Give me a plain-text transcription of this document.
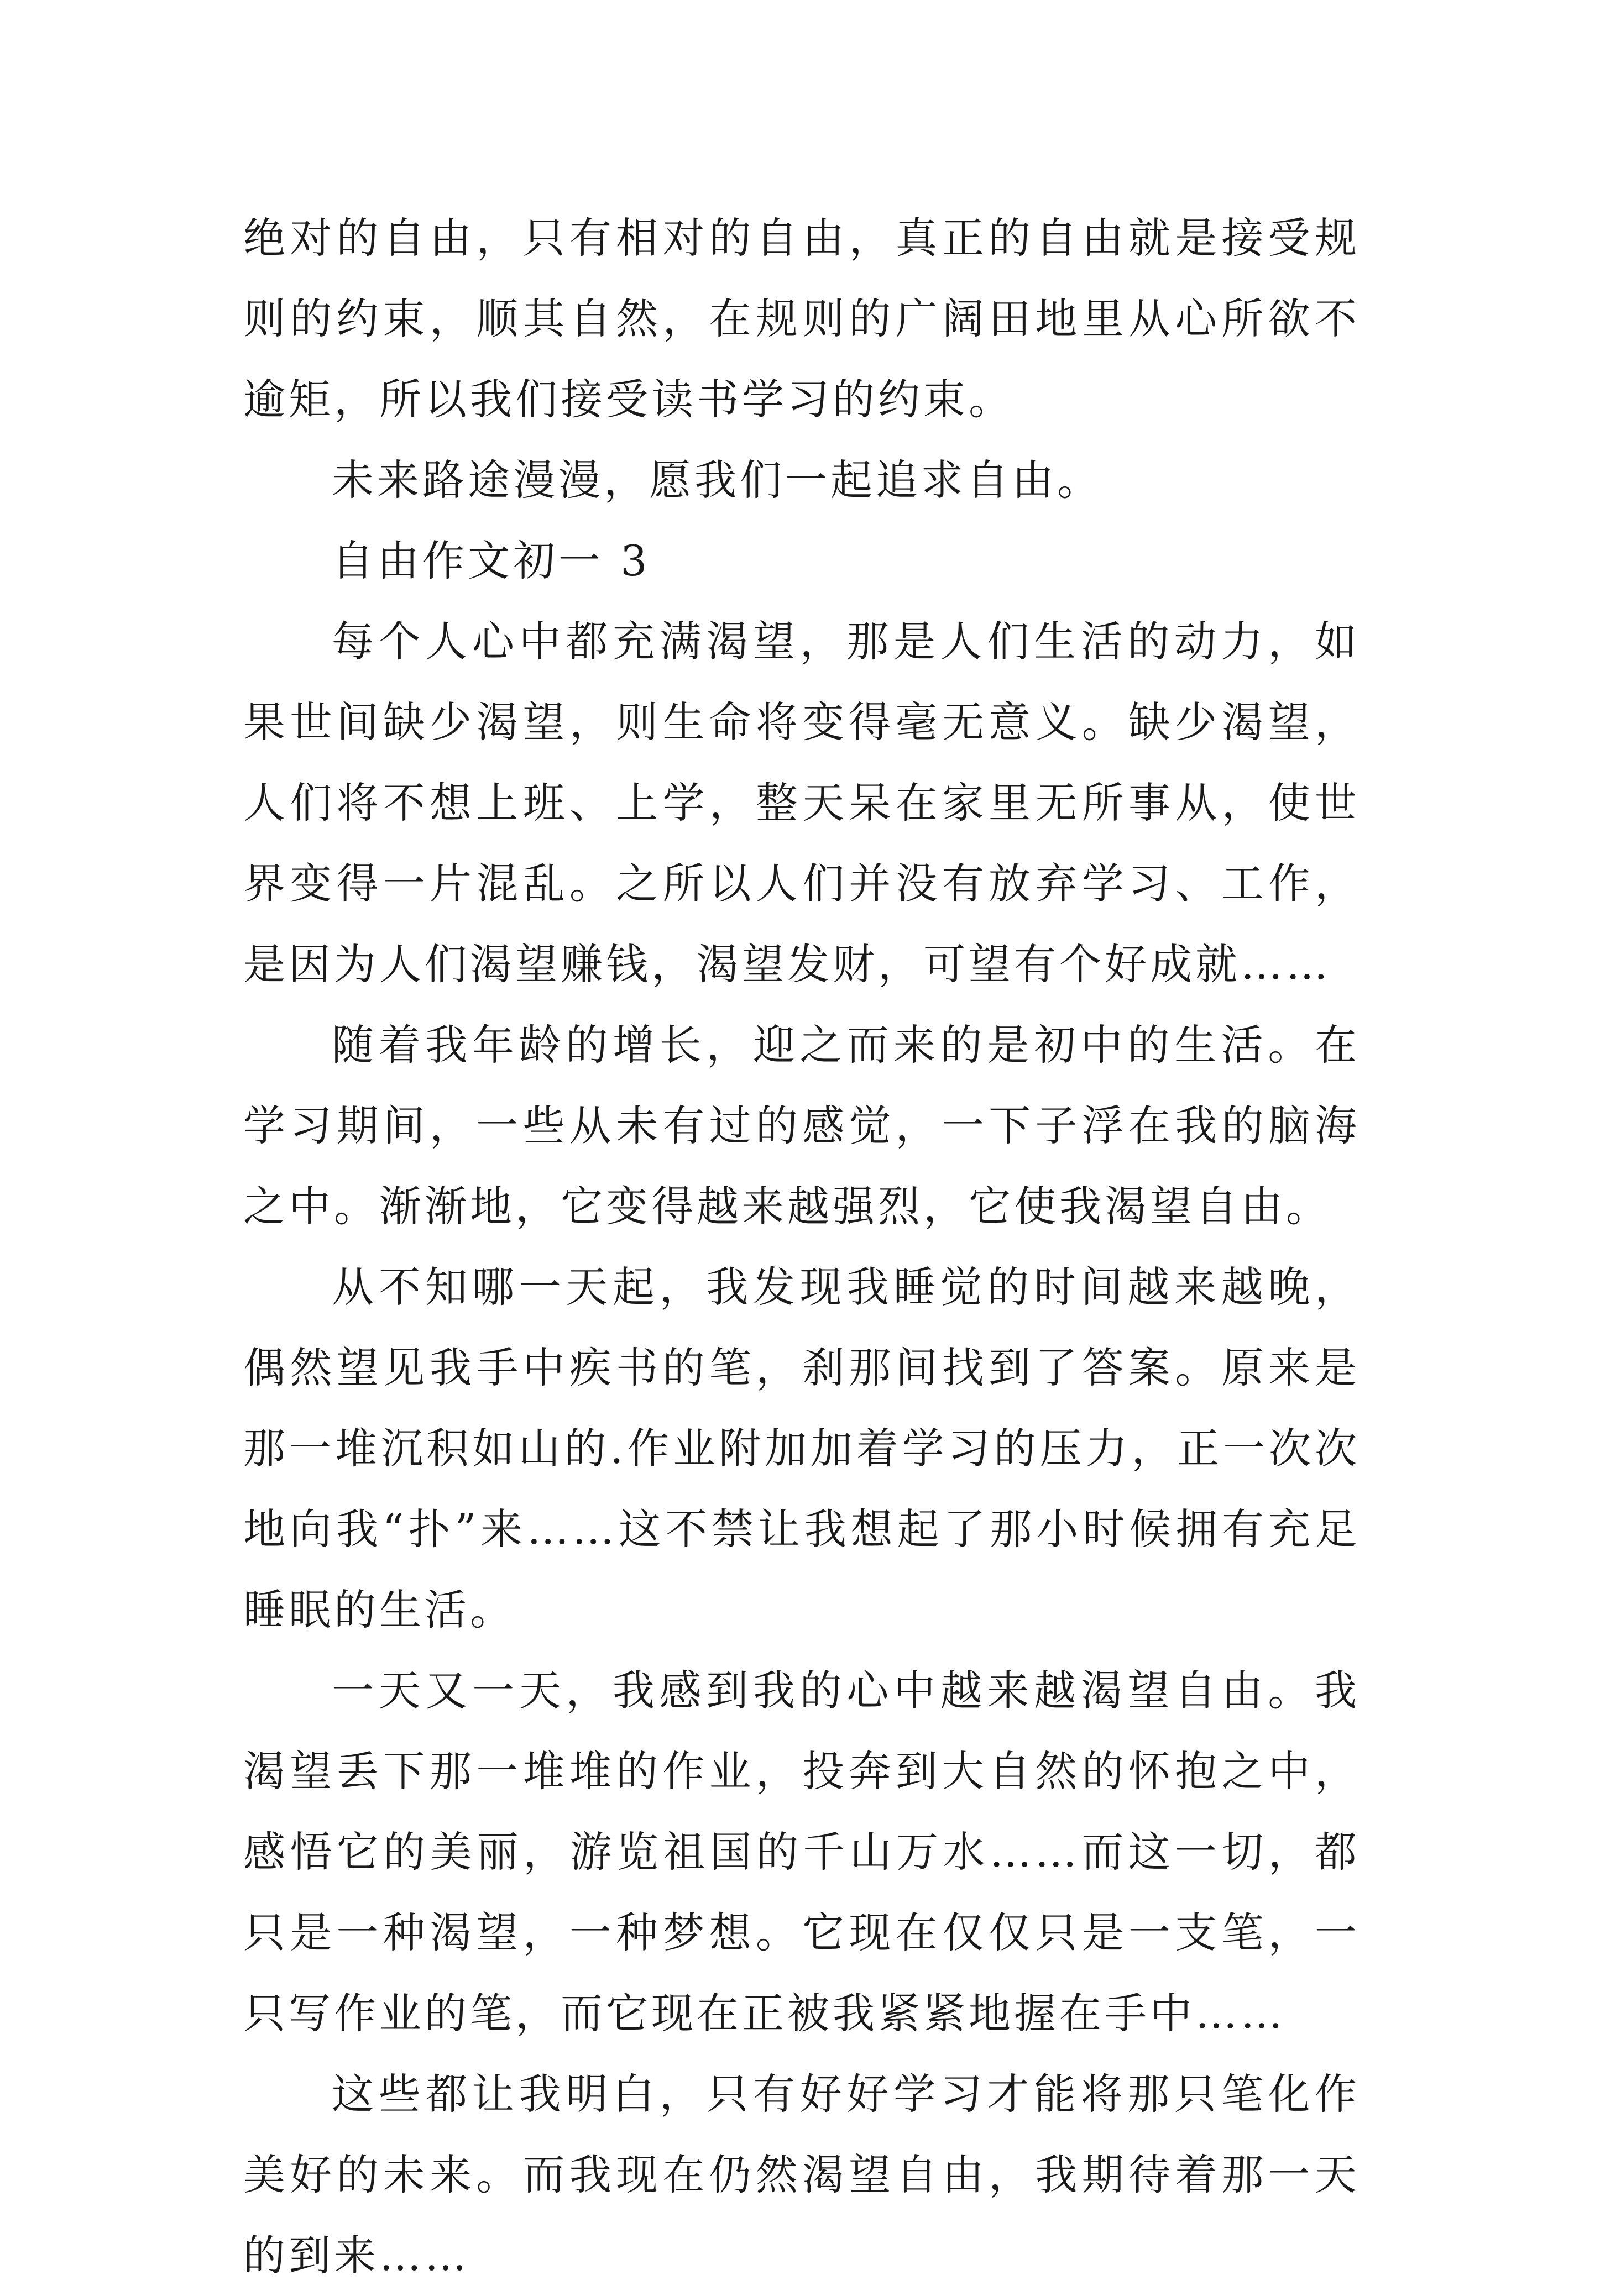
绝对的自由，只有相对的自由，真正的自由就是接受规则的约束，顺其自然，在规则的广阔田地里从心所欲不逾矩，所以我们接受读书学习的约束。

未来路途漫漫，愿我们一起追求自由。

自由作文初一 3

每个人心中都充满渴望，那是人们生活的动力，如果世间缺少渴望，则生命将变得毫无意义。缺少渴望，人们将不想上班、上学，整天呆在家里无所事从，使世界变得一片混乱。之所以人们并没有放弃学习、工作，是因为人们渴望赚钱，渴望发财，可望有个好成就……

随着我年龄的增长，迎之而来的是初中的生活。在学习期间，一些从未有过的感觉，一下子浮在我的脑海之中。渐渐地，它变得越来越强烈，它使我渴望自由。

从不知哪一天起，我发现我睡觉的时间越来越晚，偶然望见我手中疾书的笔，刹那间找到了答案。原来是那一堆沉积如山的.作业附加加着学习的压力，正一次次地向我“扑”来……这不禁让我想起了那小时候拥有充足睡眠的生活。

一天又一天，我感到我的心中越来越渴望自由。我渴望丢下那一堆堆的作业，投奔到大自然的怀抱之中，感悟它的美丽，游览祖国的千山万水……而这一切，都只是一种渴望，一种梦想。它现在仅仅只是一支笔，一只写作业的笔，而它现在正被我紧紧地握在手中……

这些都让我明白，只有好好学习才能将那只笔化作美好的未来。而我现在仍然渴望自由，我期待着那一天的到来……
